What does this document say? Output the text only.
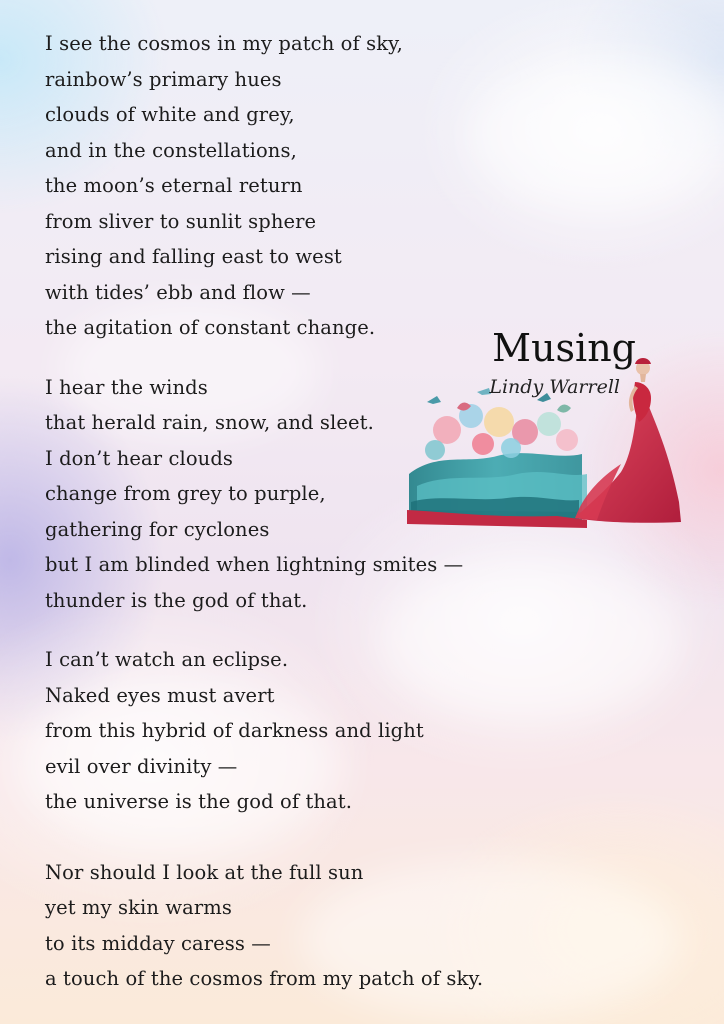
I see the cosmos in my patch of sky,
rainbow’s primary hues
clouds of white and grey,
and in the constellations,
the moon’s eternal return
from sliver to sunlit sphere
rising and falling east to west
with tides’ ebb and flow —
the agitation of constant change.

I hear the winds
that herald rain, snow, and sleet.
I don’t hear clouds
change from grey to purple,
gathering for cyclones
but I am blinded when lightning smites —
thunder is the god of that.

I can’t watch an eclipse.
Naked eyes must avert
from this hybrid of darkness and light
evil over divinity —
the universe is the god of that.

Nor should I look at the full sun
yet my skin warms
to its midday caress —
a touch of the cosmos from my patch of sky.

Musing
Lindy Warrell
